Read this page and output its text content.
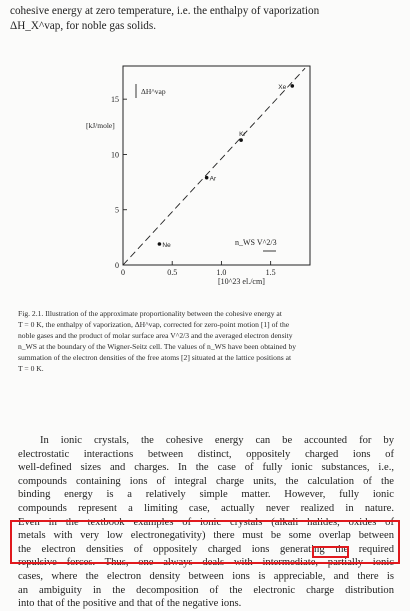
cohesive energy at zero temperature, i.e. the enthalpy of vaporization
ΔH_X^vap, for noble gas solids.
0
5
10
15
0	0.5	1.0	1.5
Ne
Ar
Kr
Xe
ΔH^vap
[kJ/mole]
n_WS V^2/3
[10^23 el./cm]
Fig. 2.1. Illustration of the approximate proportionality between the cohesive energy at
T = 0 K, the enthalpy of vaporization, ΔH^vap, corrected for zero-point motion [1] of the
noble gases and the product of molar surface area V^2/3 and the averaged electron density
n_WS at the boundary of the Wigner-Seitz cell. The values of n_WS have been obtained by
summation of the electron densities of the free atoms [2] situated at the lattice positions at
T = 0 K.
In ionic crystals, the cohesive energy can be accounted for by
electrostatic interactions between distinct, oppositely charged ions of
well-defined sizes and charges. In the case of fully ionic substances, i.e.,
compounds containing ions of integral charge units, the calculation of the
binding energy is a relatively simple matter. However, fully ionic
compounds represent a limiting case, actually never realized in nature.
Even in the textbook examples of ionic crystals (alkali halides, oxides of
metals with very low electronegativity) there must be some overlap between
the electron densities of oppositely charged ions generating the required
repulsive forces. Thus, one always deals with intermediate, partially ionic
cases, where the electron density between ions is appreciable, and there is
an ambiguity in the decomposition of the electronic charge distribution
into that of the positive and that of the negative ions.
